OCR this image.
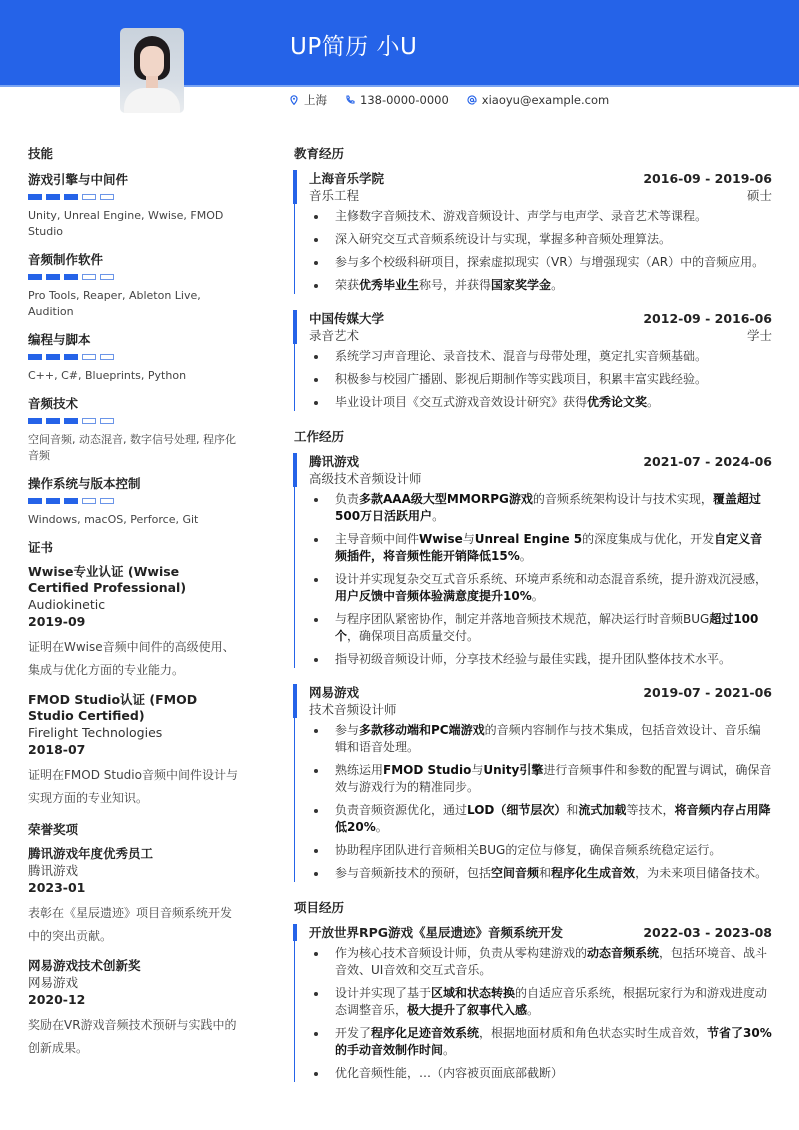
UP简历 小U
上海	138-0000-0000	xiaoyu@example.com
技能
游戏引擎与中间件
Unity, Unreal Engine, Wwise, FMOD Studio
音频制作软件
Pro Tools, Reaper, Ableton Live, Audition
编程与脚本
C++, C#, Blueprints, Python
音频技术
空间音频, 动态混音, 数字信号处理, 程序化音频
操作系统与版本控制
Windows, macOS, Perforce, Git
证书
Wwise专业认证 (Wwise Certified Professional)
Audiokinetic
2019-09
证明在Wwise音频中间件的高级使用、集成与优化方面的专业能力。
FMOD Studio认证 (FMOD Studio Certified)
Firelight Technologies
2018-07
证明在FMOD Studio音频中间件设计与实现方面的专业知识。
荣誉奖项
腾讯游戏年度优秀员工
腾讯游戏
2023-01
表彰在《星辰遗迹》项目音频系统开发中的突出贡献。
网易游戏技术创新奖
网易游戏
2020-12
奖励在VR游戏音频技术预研与实践中的创新成果。
教育经历
上海音乐学院	2016-09 - 2019-06
音乐工程	硕士
主修数字音频技术、游戏音频设计、声学与电声学、录音艺术等课程。
深入研究交互式音频系统设计与实现，掌握多种音频处理算法。
参与多个校级科研项目，探索虚拟现实（VR）与增强现实（AR）中的音频应用。
荣获优秀毕业生称号，并获得国家奖学金。
中国传媒大学	2012-09 - 2016-06
录音艺术	学士
系统学习声音理论、录音技术、混音与母带处理，奠定扎实音频基础。
积极参与校园广播剧、影视后期制作等实践项目，积累丰富实践经验。
毕业设计项目《交互式游戏音效设计研究》获得优秀论文奖。
工作经历
腾讯游戏	2021-07 - 2024-06
高级技术音频设计师
负责多款AAA级大型MMORPG游戏的音频系统架构设计与技术实现，覆盖超过500万日活跃用户。
主导音频中间件Wwise与Unreal Engine 5的深度集成与优化，开发自定义音频插件，将音频性能开销降低15%。
设计并实现复杂交互式音乐系统、环境声系统和动态混音系统，提升游戏沉浸感，用户反馈中音频体验满意度提升10%。
与程序团队紧密协作，制定并落地音频技术规范，解决运行时音频BUG超过100个，确保项目高质量交付。
指导初级音频设计师，分享技术经验与最佳实践，提升团队整体技术水平。
网易游戏	2019-07 - 2021-06
技术音频设计师
参与多款移动端和PC端游戏的音频内容制作与技术集成，包括音效设计、音乐编辑和语音处理。
熟练运用FMOD Studio与Unity引擎进行音频事件和参数的配置与调试，确保音效与游戏行为的精准同步。
负责音频资源优化，通过LOD（细节层次）和流式加载等技术，将音频内存占用降低20%。
协助程序团队进行音频相关BUG的定位与修复，确保音频系统稳定运行。
参与音频新技术的预研，包括空间音频和程序化生成音效，为未来项目储备技术。
项目经历
开放世界RPG游戏《星辰遗迹》音频系统开发	2022-03 - 2023-08
作为核心技术音频设计师，负责从零构建游戏的动态音频系统，包括环境音、战斗音效、UI音效和交互式音乐。
设计并实现了基于区域和状态转换的自适应音乐系统，根据玩家行为和游戏进度动态调整音乐，极大提升了叙事代入感。
开发了程序化足迹音效系统，根据地面材质和角色状态实时生成音效，节省了30%的手动音效制作时间。
优化音频性能，…（内容被页面底部截断）
